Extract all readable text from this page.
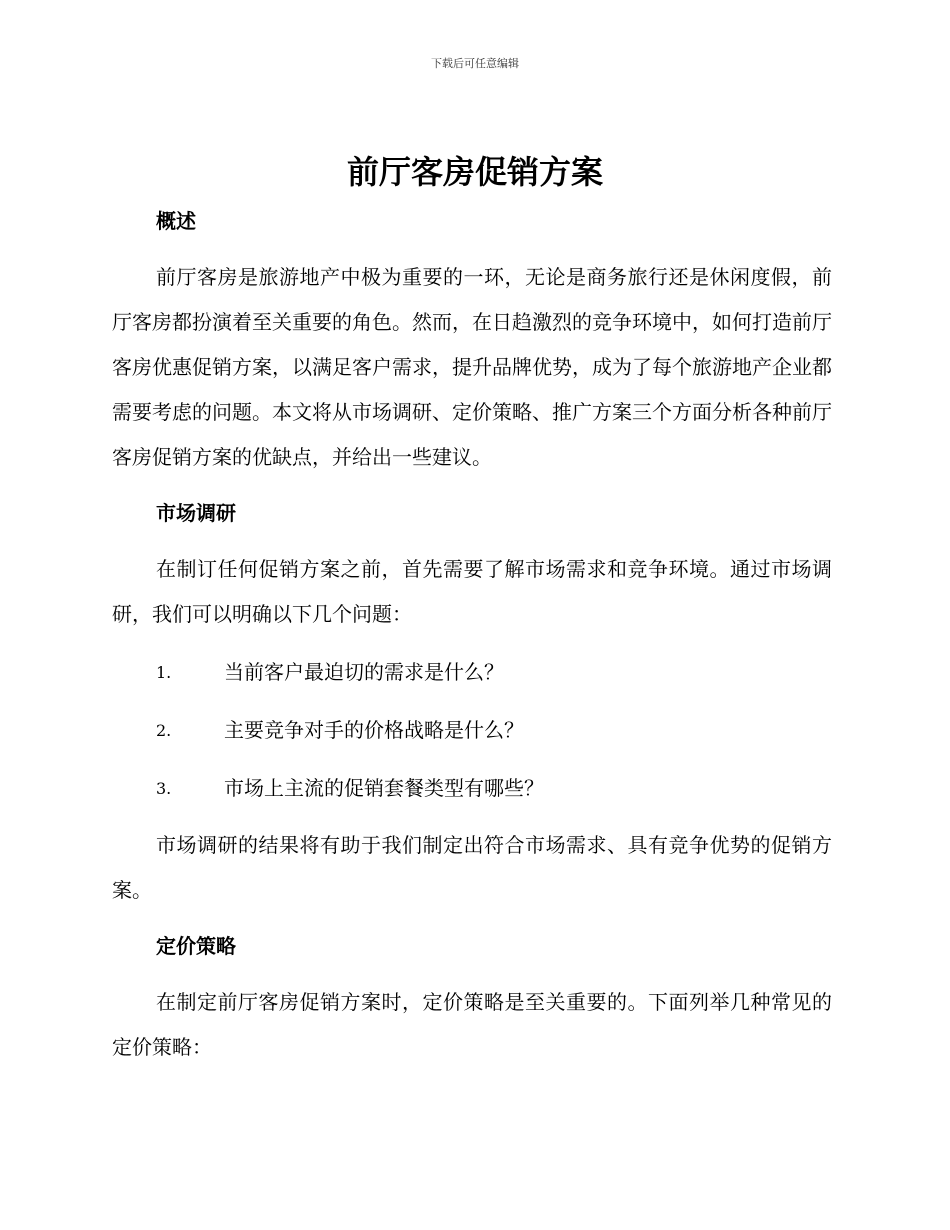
下载后可任意编辑
前厅客房促销方案
概述

前厅客房是旅游地产中极为重要的一环，无论是商务旅行还是休闲度假，前厅客房都扮演着至关重要的角色。然而，在日趋激烈的竞争环境中，如何打造前厅客房优惠促销方案，以满足客户需求，提升品牌优势，成为了每个旅游地产企业都需要考虑的问题。本文将从市场调研、定价策略、推广方案三个方面分析各种前厅客房促销方案的优缺点，并给出一些建议。

市场调研

在制订任何促销方案之前，首先需要了解市场需求和竞争环境。通过市场调研，我们可以明确以下几个问题：

1.	当前客户最迫切的需求是什么？
2.	主要竞争对手的价格战略是什么？
3.	市场上主流的促销套餐类型有哪些？

市场调研的结果将有助于我们制定出符合市场需求、具有竞争优势的促销方案。

定价策略

在制定前厅客房促销方案时，定价策略是至关重要的。下面列举几种常见的定价策略：
